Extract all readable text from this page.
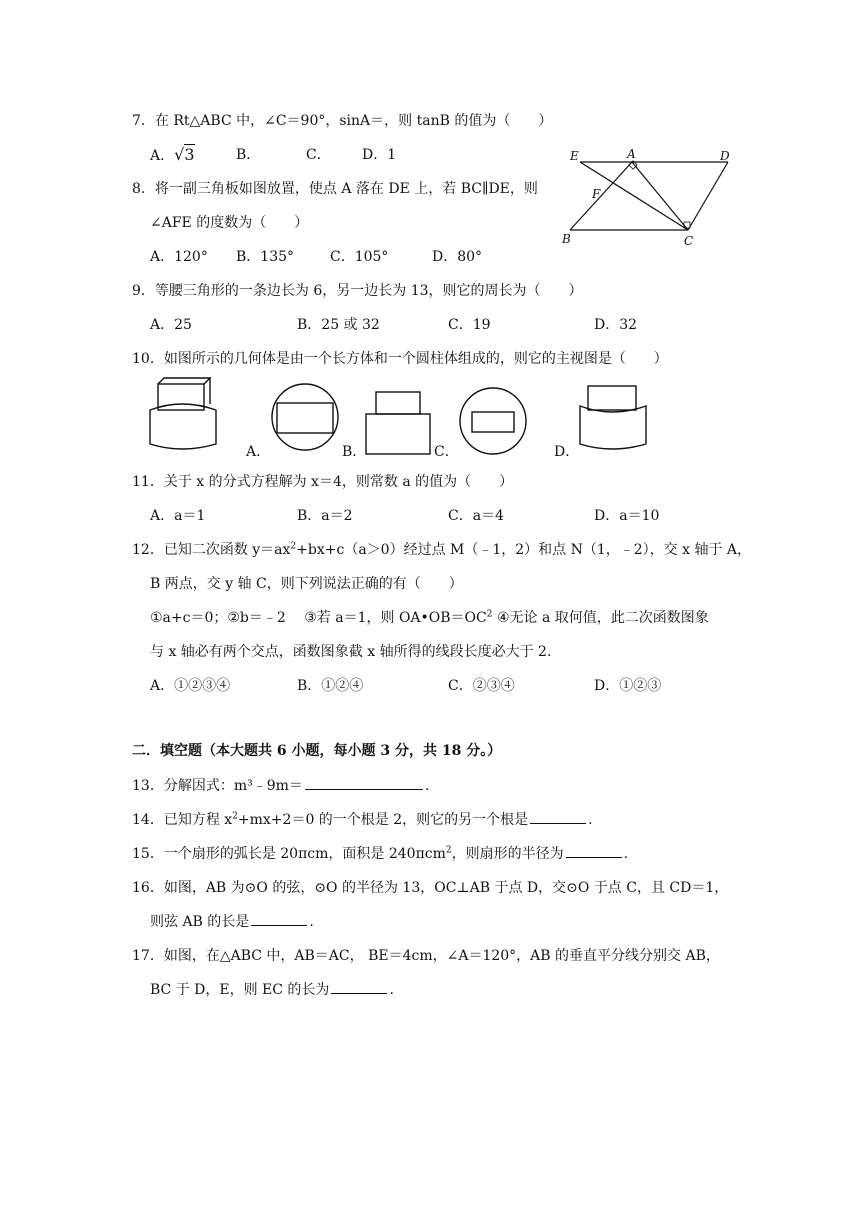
7．在 Rt△ABC 中，∠C＝90°，sinA＝，则 tanB 的值为（　　）
A．√3	B．	C． D．1	E	A	D
F
B	C
8．将一副三角板如图放置，使点 A 落在 DE 上，若 BC∥DE，则
∠AFE 的度数为（　　）
A．120° B．135°	C．105°	D．80°
9．等腰三角形的一条边长为 6，另一边长为 13，则它的周长为（　　）
A．25	B．25 或 32	C．19	D．32
10．如图所示的几何体是由一个长方体和一个圆柱体组成的，则它的主视图是（　　）
A．	B．	C．	D．
11．关于 x 的分式方程解为 x＝4，则常数 a 的值为（　　）
A．a＝1	B．a＝2	C．a＝4	D．a＝10
12．已知二次函数 $y=ax^2+bx+c(a>0)$经过点 M（﹣1，2）和点 N（1，﹣2），交 x 轴于 A，
B 两点，交 y 轴 C，则下列说法正确的有（　　）
①a+c＝0；②b＝﹣2　 ③若 a＝1，则 $OA•OB=OC^2$ ④无论 a 取何值，此二次函数图象
与 x 轴必有两个交点，函数图象截 x 轴所得的线段长度必大于 2.
A．①②③④	B．①②④	C．②③④	D．①②③
二．填空题（本大题共 6 小题，每小题 3 分，共 18 分。）
13．分解因式：m³﹣9m＝	.
14．已知方程 $x^2+mx+2=0$ 的一个根是 2，则它的另一个根是	.
15．一个扇形的弧长是 20πcm，面积是 240πcm$^2$，则扇形的半径为	.
16．如图，AB 为⊙O 的弦，⊙O 的半径为 13，OC⊥AB 于点 D，交⊙O 于点 C，且 CD＝1，
则弦 AB 的长是	.
17．如图，在△ABC 中，AB＝AC， BE＝4cm，∠A＝120°，AB 的垂直平分线分别交 AB，
BC 于 D，E，则 EC 的长为	.
